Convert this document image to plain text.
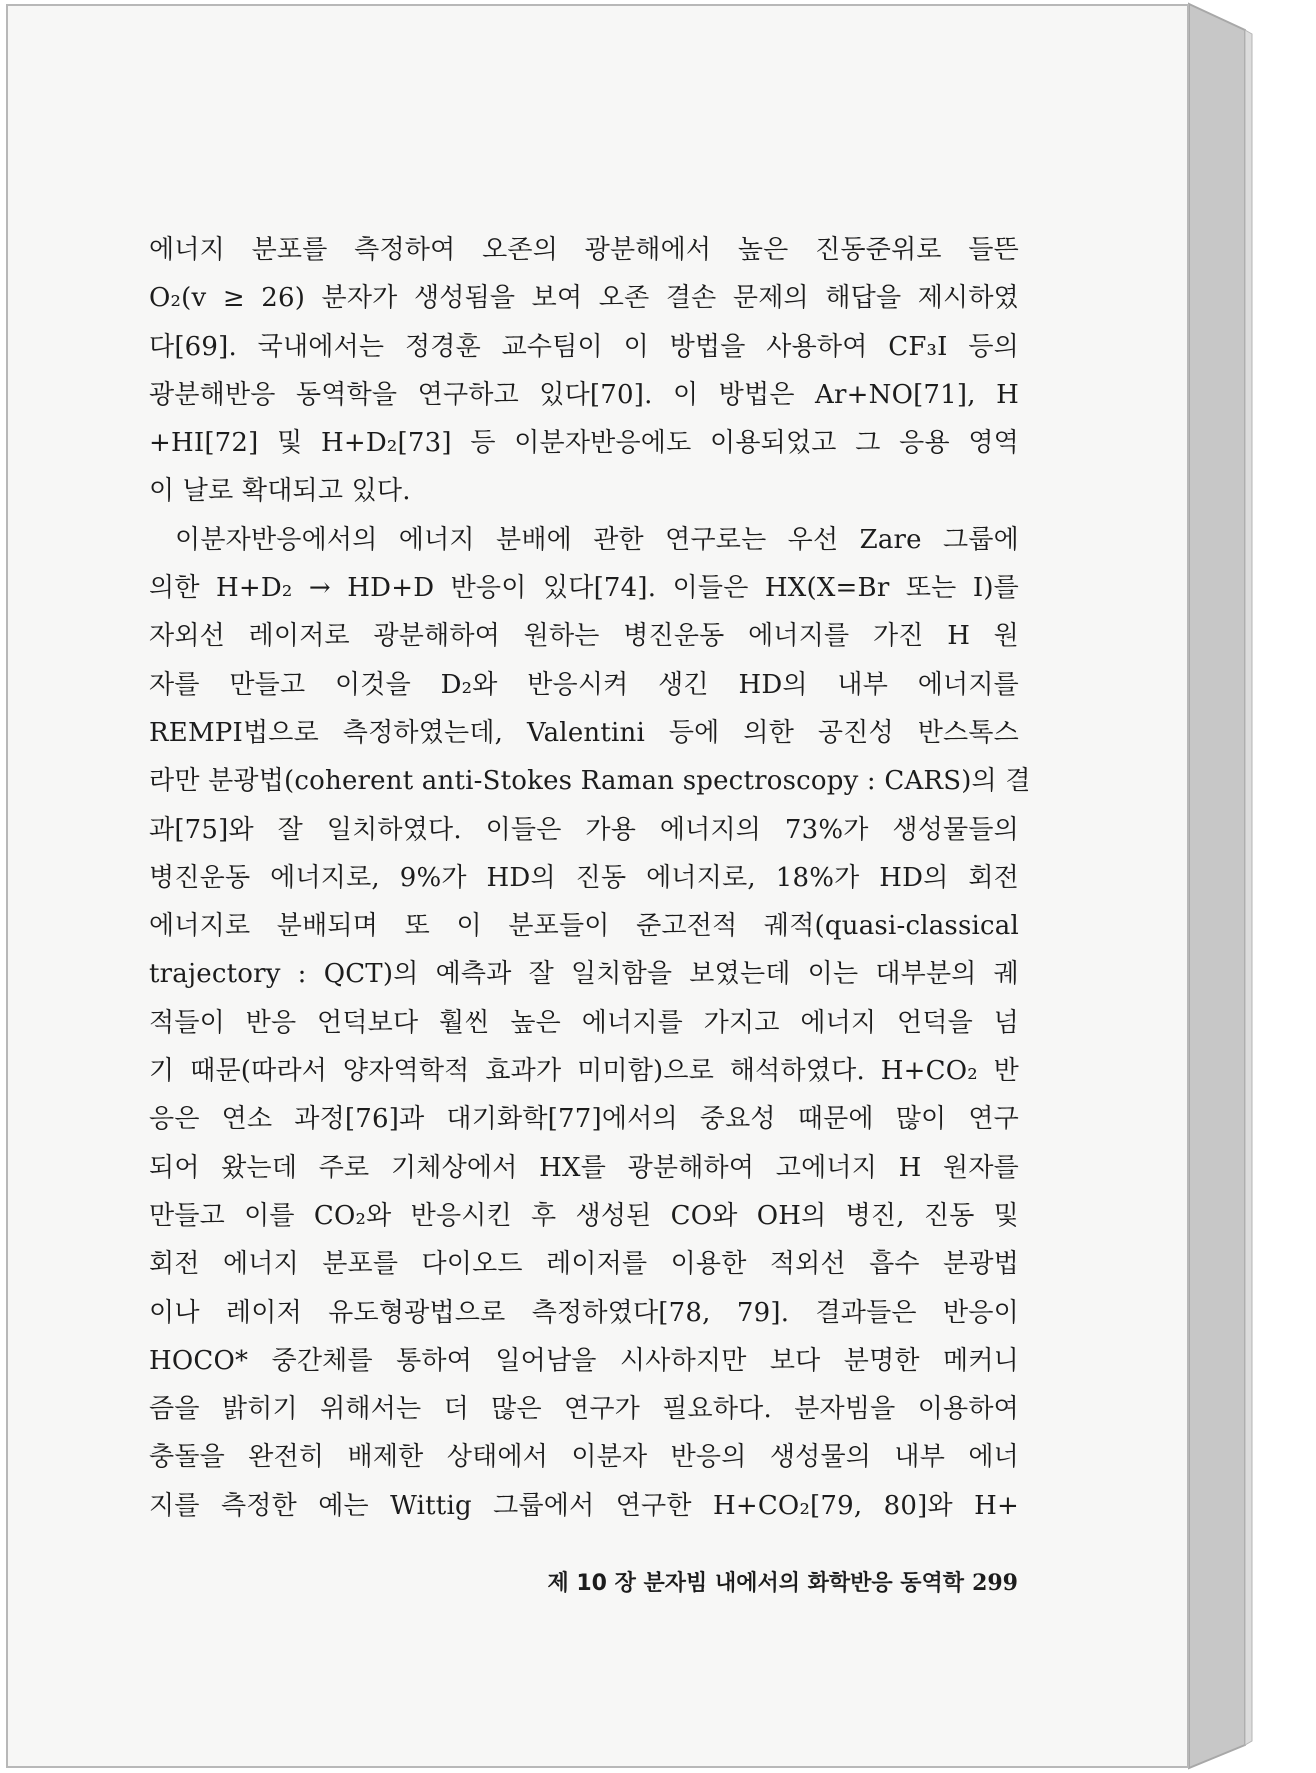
에너지 분포를 측정하여 오존의 광분해에서 높은 진동준위로 들뜬
O₂(v ≥ 26) 분자가 생성됨을 보여 오존 결손 문제의 해답을 제시하였
다[69]. 국내에서는 정경훈 교수팀이 이 방법을 사용하여 CF₃I 등의
광분해반응 동역학을 연구하고 있다[70]. 이 방법은 Ar+NO[71], H
+HI[72] 및 H+D₂[73] 등 이분자반응에도 이용되었고 그 응용 영역
이 날로 확대되고 있다.
이분자반응에서의 에너지 분배에 관한 연구로는 우선 Zare 그룹에
의한 H+D₂ → HD+D 반응이 있다[74]. 이들은 HX(X=Br 또는 I)를
자외선 레이저로 광분해하여 원하는 병진운동 에너지를 가진 H 원
자를 만들고 이것을 D₂와 반응시켜 생긴 HD의 내부 에너지를
REMPI법으로 측정하였는데, Valentini 등에 의한 공진성 반스톡스
라만 분광법(coherent anti-Stokes Raman spectroscopy : CARS)의 결
과[75]와 잘 일치하였다. 이들은 가용 에너지의 73%가 생성물들의
병진운동 에너지로, 9%가 HD의 진동 에너지로, 18%가 HD의 회전
에너지로 분배되며 또 이 분포들이 준고전적 궤적(quasi-classical
trajectory : QCT)의 예측과 잘 일치함을 보였는데 이는 대부분의 궤
적들이 반응 언덕보다 훨씬 높은 에너지를 가지고 에너지 언덕을 넘
기 때문(따라서 양자역학적 효과가 미미함)으로 해석하였다. H+CO₂ 반
응은 연소 과정[76]과 대기화학[77]에서의 중요성 때문에 많이 연구
되어 왔는데 주로 기체상에서 HX를 광분해하여 고에너지 H 원자를
만들고 이를 CO₂와 반응시킨 후 생성된 CO와 OH의 병진, 진동 및
회전 에너지 분포를 다이오드 레이저를 이용한 적외선 흡수 분광법
이나 레이저 유도형광법으로 측정하였다[78, 79]. 결과들은 반응이
HOCO* 중간체를 통하여 일어남을 시사하지만 보다 분명한 메커니
즘을 밝히기 위해서는 더 많은 연구가 필요하다. 분자빔을 이용하여
충돌을 완전히 배제한 상태에서 이분자 반응의 생성물의 내부 에너
지를 측정한 예는 Wittig 그룹에서 연구한 H+CO₂[79, 80]와 H+
제 10 장 분자빔 내에서의 화학반응 동역학 299
